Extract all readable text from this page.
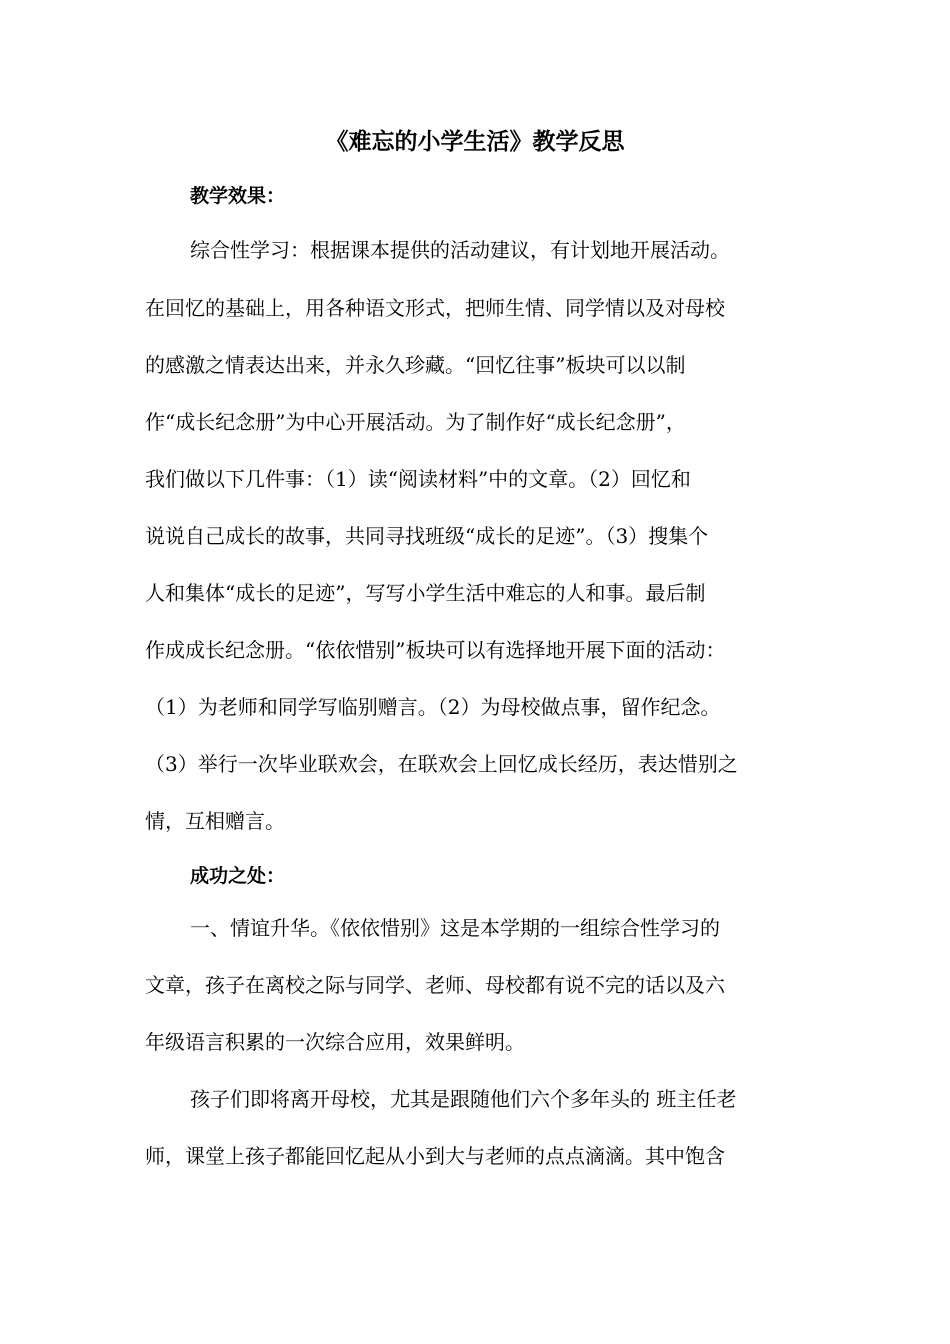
《难忘的小学生活》教学反思
教学效果：
综合性学习：根据课本提供的活动建议，有计划地开展活动。
在回忆的基础上，用各种语文形式，把师生情、同学情以及对母校
的感激之情表达出来，并永久珍藏。“回忆往事”板块可以以制
作“成长纪念册”为中心开展活动。为了制作好“成长纪念册”，
我们做以下几件事：（1）读“阅读材料”中的文章。（2）回忆和
说说自己成长的故事，共同寻找班级“成长的足迹”。（3）搜集个
人和集体“成长的足迹”，写写小学生活中难忘的人和事。最后制
作成成长纪念册。“依依惜别”板块可以有选择地开展下面的活动：
（1）为老师和同学写临别赠言。（2）为母校做点事，留作纪念。
（3）举行一次毕业联欢会，在联欢会上回忆成长经历，表达惜别之
情，互相赠言。
成功之处：
一、情谊升华。《依依惜别》这是本学期的一组综合性学习的
文章，孩子在离校之际与同学、老师、母校都有说不完的话以及六
年级语言积累的一次综合应用，效果鲜明。
孩子们即将离开母校，尤其是跟随他们六个多年头的 班主任老
师，课堂上孩子都能回忆起从小到大与老师的点点滴滴。其中饱含
